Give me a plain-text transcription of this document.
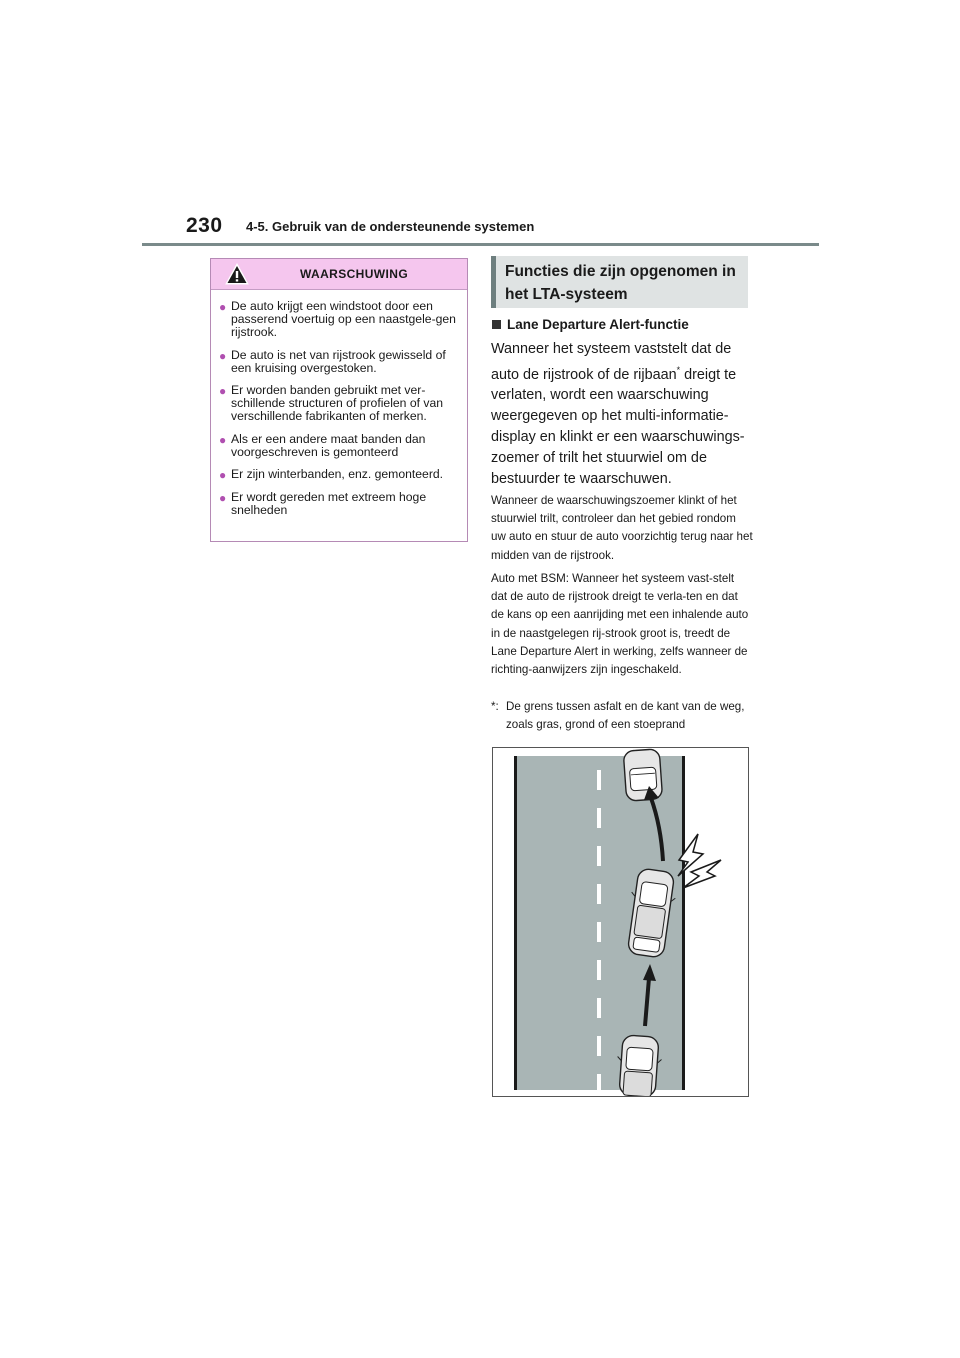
230 4-5. Gebruik van de ondersteunende systemen
WAARSCHUWING
● De auto krijgt een windstoot door een passerend voertuig op een naastgele-gen rijstrook.
● De auto is net van rijstrook gewisseld of een kruising overgestoken.
● Er worden banden gebruikt met ver-schillende structuren of profielen of van verschillende fabrikanten of merken.
● Als er een andere maat banden dan voorgeschreven is gemonteerd
● Er zijn winterbanden, enz. gemonteerd.
● Er wordt gereden met extreem hoge snelheden
Functies die zijn opgenomen in het LTA-systeem
Lane Departure Alert-functie
Wanneer het systeem vaststelt dat de auto de rijstrook of de rijbaan* dreigt te verlaten, wordt een waarschuwing weergegeven op het multi-informatie-display en klinkt er een waarschuwings-zoemer of trilt het stuurwiel om de bestuurder te waarschuwen.
Wanneer de waarschuwingszoemer klinkt of het stuurwiel trilt, controleer dan het gebied rondom uw auto en stuur de auto voorzichtig terug naar het midden van de rijstrook.
Auto met BSM: Wanneer het systeem vast-stelt dat de auto de rijstrook dreigt te verla-ten en dat de kans op een aanrijding met een inhalende auto in de naastgelegen rij-strook groot is, treedt de Lane Departure Alert in werking, zelfs wanneer de richting-aanwijzers zijn ingeschakeld.
*: De grens tussen asfalt en de kant van de weg, zoals gras, grond of een stoeprand
